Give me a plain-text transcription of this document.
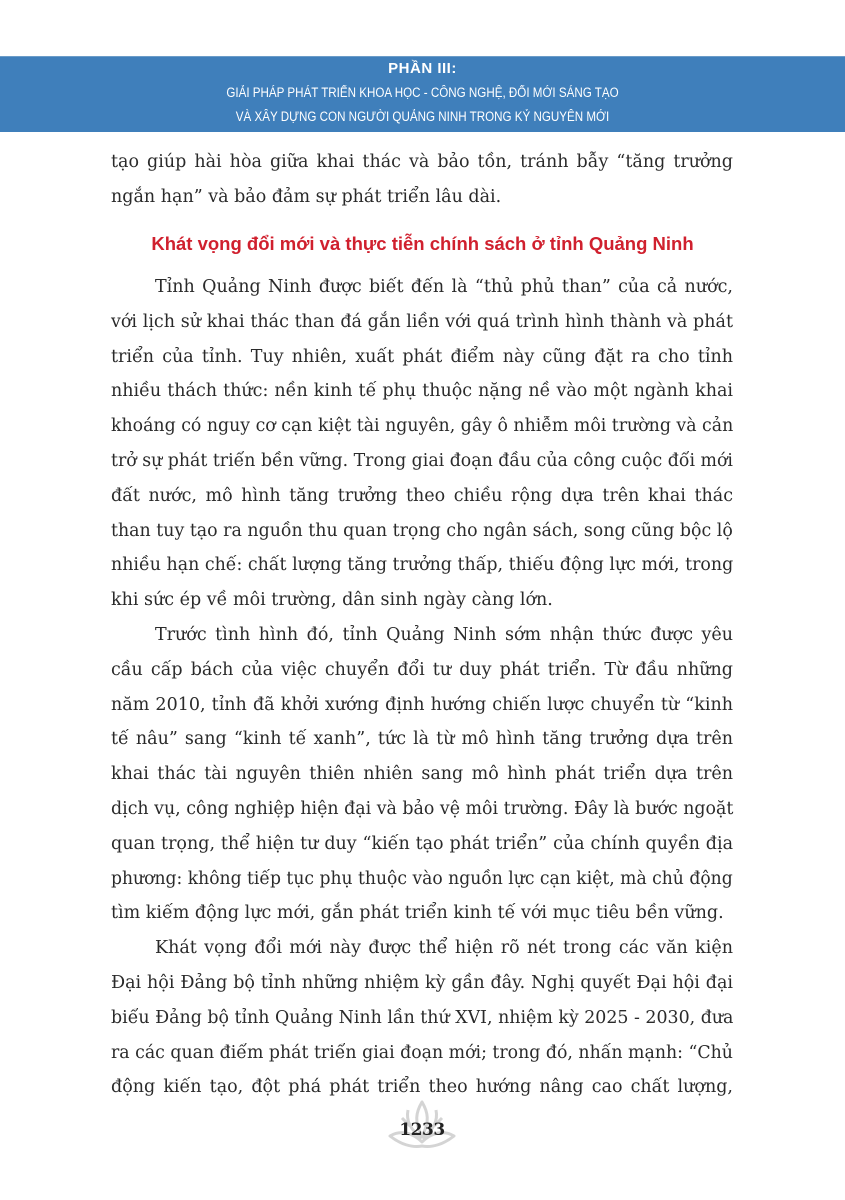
PHẦN III:
GIẢI PHÁP PHÁT TRIỂN KHOA HỌC - CÔNG NGHỆ, ĐỔI MỚI SÁNG TẠO
VÀ XÂY DỰNG CON NGƯỜI QUẢNG NINH TRONG KỶ NGUYÊN MỚI
Khát vọng đổi mới và thực tiễn chính sách ở tỉnh Quảng Ninh
tạo giúp hài hòa giữa khai thác và bảo tồn, tránh bẫy “tăng trưởng
ngắn hạn” và bảo đảm sự phát triển lâu dài.
Tỉnh Quảng Ninh được biết đến là “thủ phủ than” của cả nước,
với lịch sử khai thác than đá gắn liền với quá trình hình thành và phát
triển của tỉnh. Tuy nhiên, xuất phát điểm này cũng đặt ra cho tỉnh
nhiều thách thức: nền kinh tế phụ thuộc nặng nề vào một ngành khai
khoáng có nguy cơ cạn kiệt tài nguyên, gây ô nhiễm môi trường và cản
trở sự phát triển bền vững. Trong giai đoạn đầu của công cuộc đổi mới
đất nước, mô hình tăng trưởng theo chiều rộng dựa trên khai thác
than tuy tạo ra nguồn thu quan trọng cho ngân sách, song cũng bộc lộ
nhiều hạn chế: chất lượng tăng trưởng thấp, thiếu động lực mới, trong
khi sức ép về môi trường, dân sinh ngày càng lớn.
Trước tình hình đó, tỉnh Quảng Ninh sớm nhận thức được yêu
cầu cấp bách của việc chuyển đổi tư duy phát triển. Từ đầu những
năm 2010, tỉnh đã khởi xướng định hướng chiến lược chuyển từ “kinh
tế nâu” sang “kinh tế xanh”, tức là từ mô hình tăng trưởng dựa trên
khai thác tài nguyên thiên nhiên sang mô hình phát triển dựa trên
dịch vụ, công nghiệp hiện đại và bảo vệ môi trường. Đây là bước ngoặt
quan trọng, thể hiện tư duy “kiến tạo phát triển” của chính quyền địa
phương: không tiếp tục phụ thuộc vào nguồn lực cạn kiệt, mà chủ động
tìm kiếm động lực mới, gắn phát triển kinh tế với mục tiêu bền vững.
Khát vọng đổi mới này được thể hiện rõ nét trong các văn kiện
Đại hội Đảng bộ tỉnh những nhiệm kỳ gần đây. Nghị quyết Đại hội đại
biểu Đảng bộ tỉnh Quảng Ninh lần thứ XVI, nhiệm kỳ 2025 - 2030, đưa
ra các quan điểm phát triển giai đoạn mới; trong đó, nhấn mạnh: “Chủ
động kiến tạo, đột phá phát triển theo hướng nâng cao chất lượng,
1233
